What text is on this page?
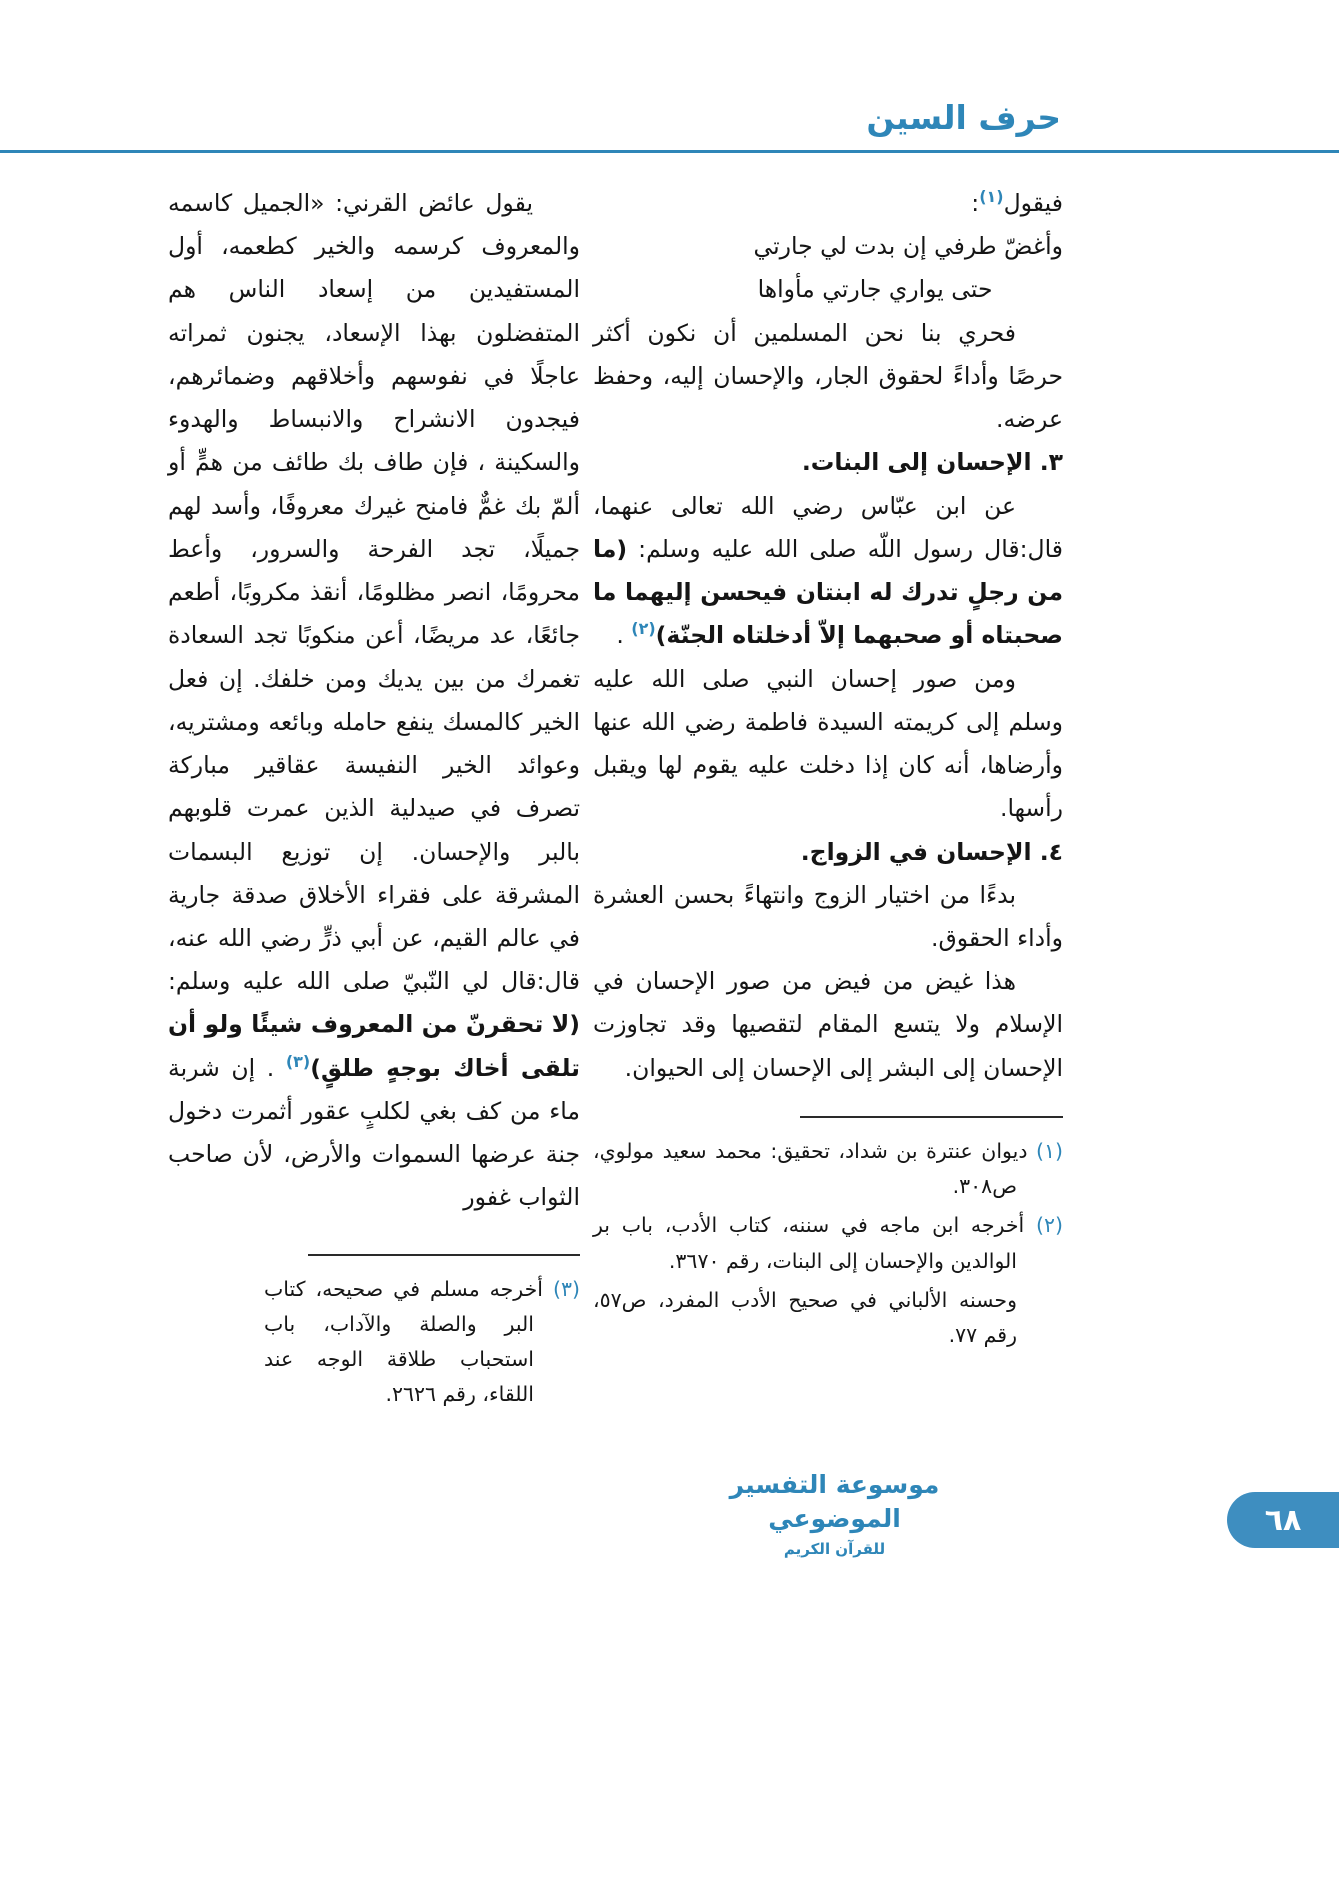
حرف السين

فيقول$^{(١)}$:

وأغضّ طرفي إن بدت لي جارتي

حتى يواري جارتي مأواها

فحري بنا نحن المسلمين أن نكون أكثر حرصًا وأداءً لحقوق الجار، والإحسان إليه، وحفظ عرضه.

٣. الإحسان إلى البنات.

عن ابن عبّاس رضي الله تعالى عنهما، قال:قال رسول اللّه صلى الله عليه وسلم: (ما من رجلٍ تدرك له ابنتان فيحسن إليهما ما صحبتاه أو صحبهما إلاّ أدخلتاه الجنّة)$^{(٢)}$ .

ومن صور إحسان النبي صلى الله عليه وسلم إلى كريمته السيدة فاطمة رضي الله عنها وأرضاها، أنه كان إذا دخلت عليه يقوم لها ويقبل رأسها.

٤. الإحسان في الزواج.

بدءًا من اختيار الزوج وانتهاءً بحسن العشرة وأداء الحقوق.

هذا غيض من فيض من صور الإحسان في الإسلام ولا يتسع المقام لتقصيها وقد تجاوزت الإحسان إلى البشر إلى الإحسان إلى الحيوان.

(١) ديوان عنترة بن شداد، تحقيق: محمد سعيد مولوي، ص٣٠٨.

(٢) أخرجه ابن ماجه في سننه، كتاب الأدب، باب بر الوالدين والإحسان إلى البنات، رقم ٣٦٧٠.

وحسنه الألباني في صحيح الأدب المفرد، ص٥٧، رقم ٧٧.

يقول عائض القرني: «الجميل كاسمه والمعروف كرسمه والخير كطعمه، أول المستفيدين من إسعاد الناس هم المتفضلون بهذا الإسعاد، يجنون ثمراته عاجلًا في نفوسهم وأخلاقهم وضمائرهم، فيجدون الانشراح والانبساط والهدوء والسكينة ، فإن طاف بك طائف من همٍّ أو ألمّ بك غمٌّ فامنح غيرك معروفًا، وأسد لهم جميلًا، تجد الفرحة والسرور، وأعط محرومًا، انصر مظلومًا، أنقذ مكروبًا، أطعم جائعًا، عد مريضًا، أعن منكوبًا تجد السعادة تغمرك من بين يديك ومن خلفك. إن فعل الخير كالمسك ينفع حامله وبائعه ومشتريه، وعوائد الخير النفيسة عقاقير مباركة تصرف في صيدلية الذين عمرت قلوبهم بالبر والإحسان. إن توزيع البسمات المشرقة على فقراء الأخلاق صدقة جارية في عالم القيم، عن أبي ذرٍّ رضي الله عنه، قال:قال لي النّبيّ صلى الله عليه وسلم: (لا تحقرنّ من المعروف شيئًا ولو أن تلقى أخاك بوجهٍ طلقٍ)$^{(٣)}$ . إن شربة ماء من كف بغي لكلبٍ عقور أثمرت دخول جنة عرضها السموات والأرض، لأن صاحب الثواب غفور

(٣) أخرجه مسلم في صحيحه، كتاب البر والصلة والآداب، باب استحباب طلاقة الوجه عند اللقاء، رقم ٢٦٢٦.

موسوعة التفسير الموضوعي
للقرآن الكريم
٦٨
